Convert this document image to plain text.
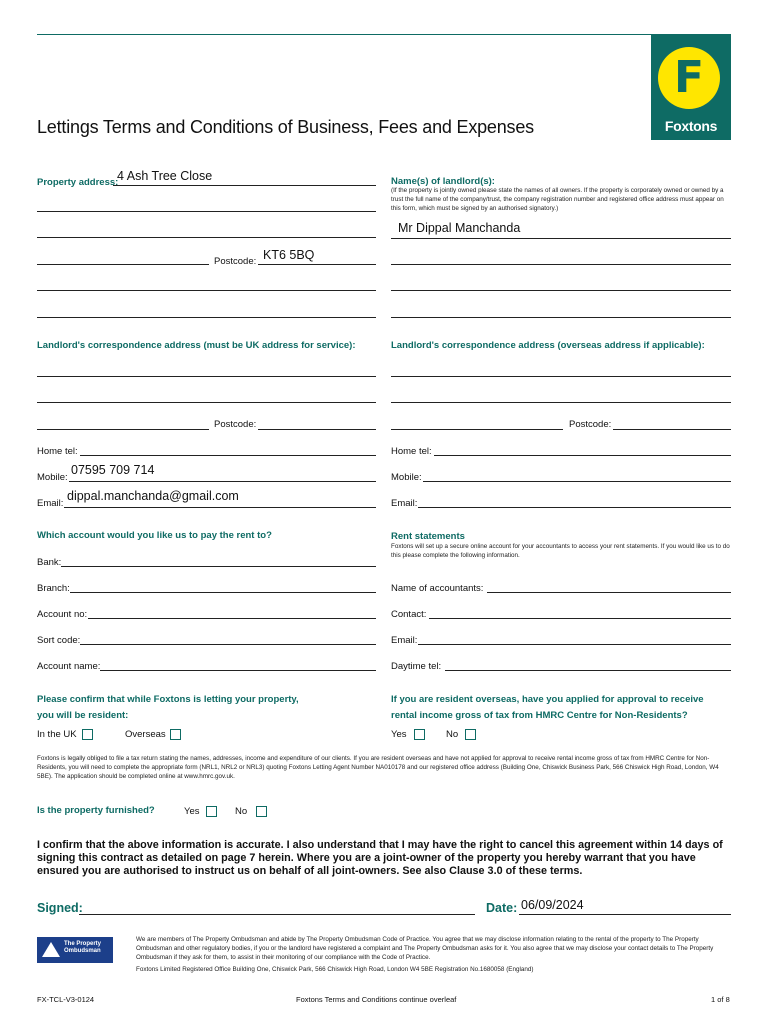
F
Foxtons
Lettings Terms and Conditions of Business, Fees and Expenses
Property address:
4 Ash Tree Close
Postcode: KT6 5BQ
Name(s) of landlord(s):
(If the property is jointly owned please state the names of all owners. If the property is corporately owned or owned by a trust the full name of the company/trust, the company registration number and registered office address must appear on this form, which must be signed by an authorised signatory.)
Mr Dippal Manchanda
Landlord's correspondence address (must be UK address for service):	Landlord's correspondence address (overseas address if applicable):
Postcode:
Home tel:
Mobile:
07595 709 714
Email:
dippal.manchanda@gmail.com
Postcode:
Home tel:
Mobile:
Email:
Which account would you like us to pay the rent to?
Bank:
Branch:
Account no:
Sort code:
Account name:
Rent statements
Foxtons will set up a secure online account for your accountants to access your rent statements. If you would like us to do this please complete the following information.
Name of accountants:
Contact:
Email:
Daytime tel:
Please confirm that while Foxtons is letting your property, you will be resident:
In the UK	Overseas
If you are resident overseas, have you applied for approval to receive rental income gross of tax from HMRC Centre for Non-Residents?
Yes	No
Foxtons is legally obliged to file a tax return stating the names, addresses, income and expenditure of our clients. If you are resident overseas and have not applied for approval to receive rental income gross of tax from HMRC Centre for Non-Residents, you will need to complete the appropriate form (NRL1, NRL2 or NRL3) quoting Foxtons Letting Agent Number NA010178 and our registered office address (Building One, Chiswick Business Park, 566 Chiswick High Road, London, W4 5BE). The application should be completed online at www.hmrc.gov.uk.
Is the property furnished?	Yes	No
I confirm that the above information is accurate. I also understand that I may have the right to cancel this agreement within 14 days of signing this contract as detailed on page 7 herein. Where you are a joint-owner of the property you hereby warrant that you have ensured you are authorised to instruct us on behalf of all joint-owners. See also Clause 3.0 of these terms.
Signed:	Date: 06/09/2024
The Property Ombudsman
We are members of The Property Ombudsman and abide by The Property Ombudsman Code of Practice. You agree that we may disclose information relating to the rental of the property to The Property Ombudsman and other regulatory bodies, if you or the landlord have registered a complaint and The Property Ombudsman asks for it. You also agree that we may disclose your contact details to The Property Ombudsman if they ask for them, to assist in their monitoring of our compliance with the Code of Practice.
Foxtons Limited Registered Office Building One, Chiswick Park, 566 Chiswick High Road, London W4 5BE Registration No.1680058 (England)
FX-TCL-V3-0124	Foxtons Terms and Conditions continue overleaf	1 of 8
